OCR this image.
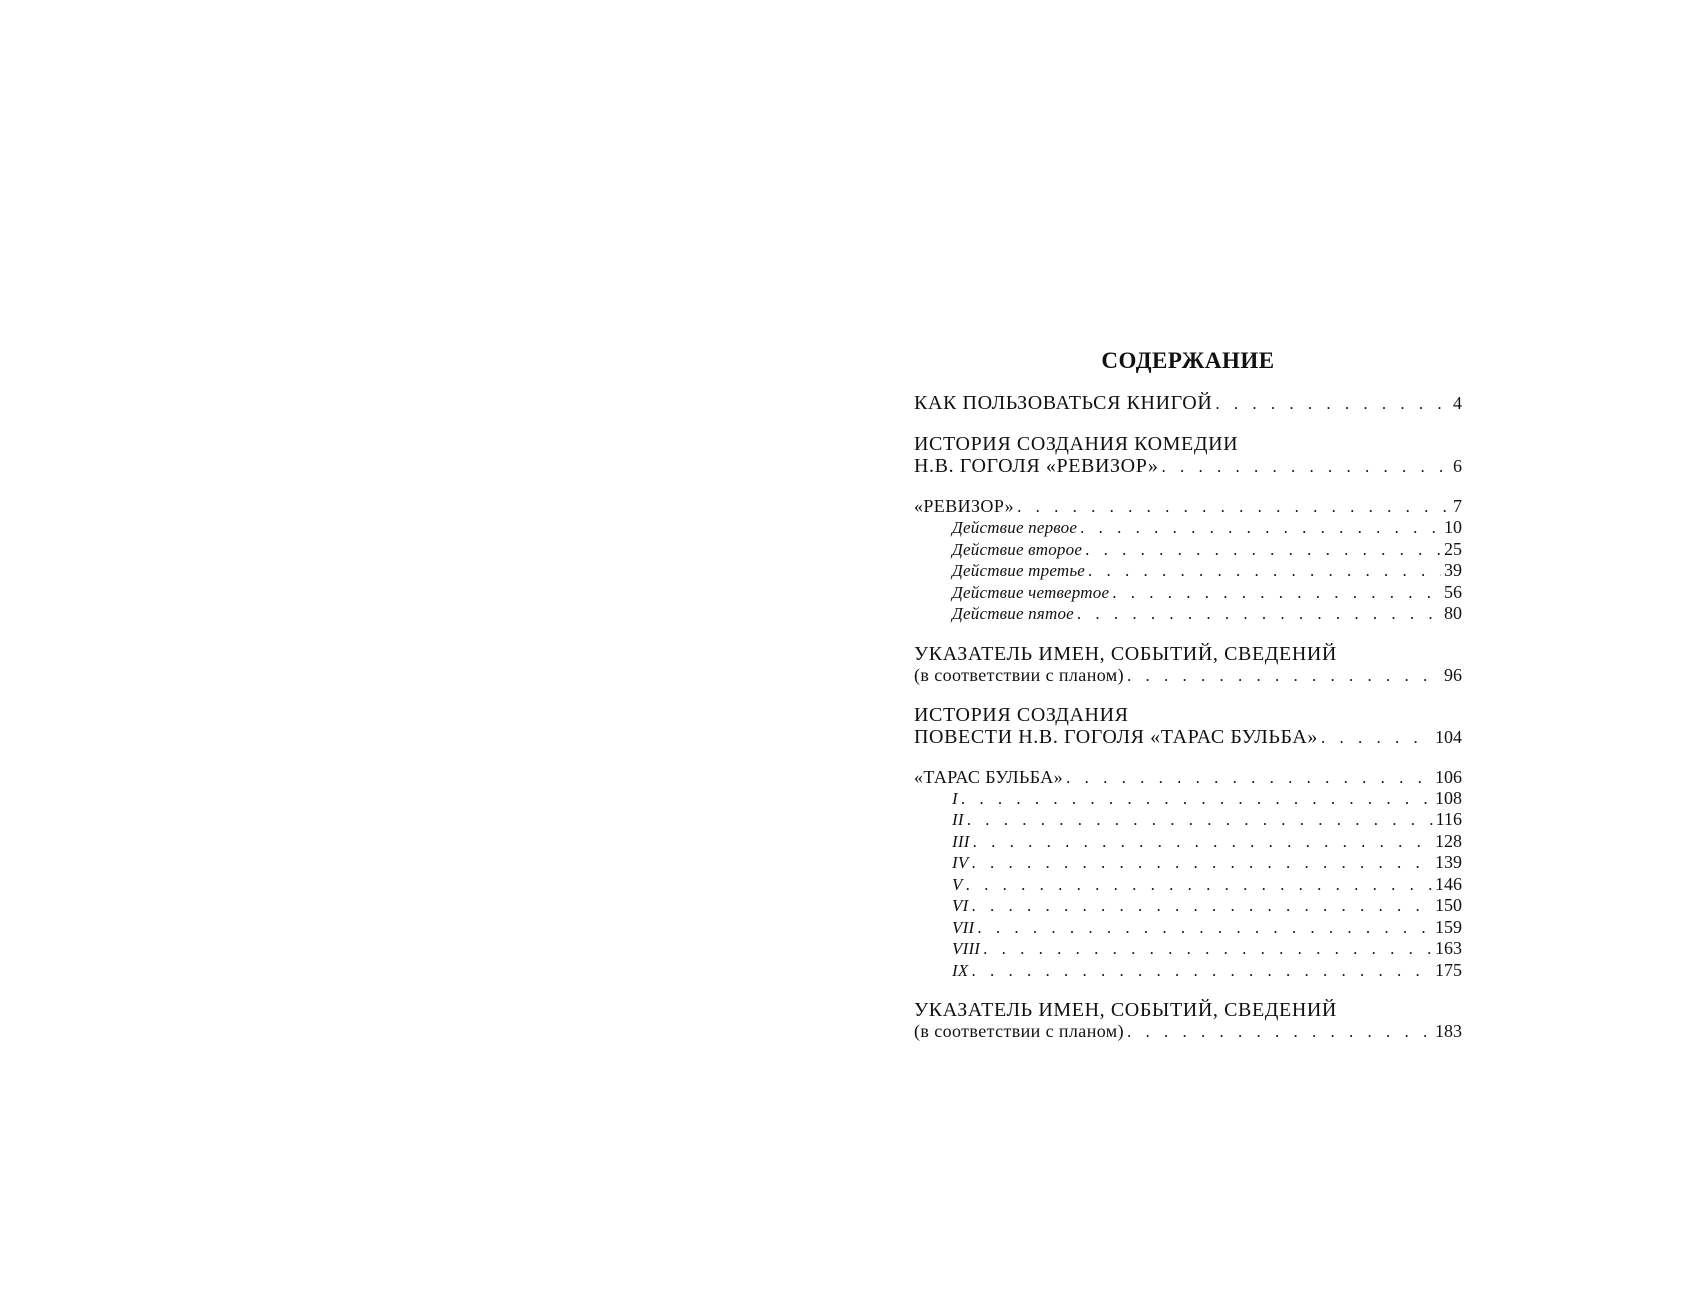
СОДЕРЖАНИЕ
КАК ПОЛЬЗОВАТЬСЯ КНИГОЙ . . .	4
ИСТОРИЯ СОЗДАНИЯ КОМЕДИИ
Н.В. ГОГОЛЯ «РЕВИЗОР» . . .	6
«РЕВИЗОР» . . .	7
Действие первое . . .	10
Действие второе . . .	25
Действие третье . . .	39
Действие четвертое . . .	56
Действие пятое . . .	80
УКАЗАТЕЛЬ ИМЕН, СОБЫТИЙ, СВЕДЕНИЙ
(в соответствии с планом) . . .	96
ИСТОРИЯ СОЗДАНИЯ
ПОВЕСТИ Н.В. ГОГОЛЯ «ТАРАС БУЛЬБА» . . .	104
«ТАРАС БУЛЬБА» . . .	106
I . . .	108
II . . .	116
III . . .	128
IV . . .	139
V . . .	146
VI . . .	150
VII . . .	159
VIII . . .	163
IX . . .	175
УКАЗАТЕЛЬ ИМЕН, СОБЫТИЙ, СВЕДЕНИЙ
(в соответствии с планом) . . .	183
